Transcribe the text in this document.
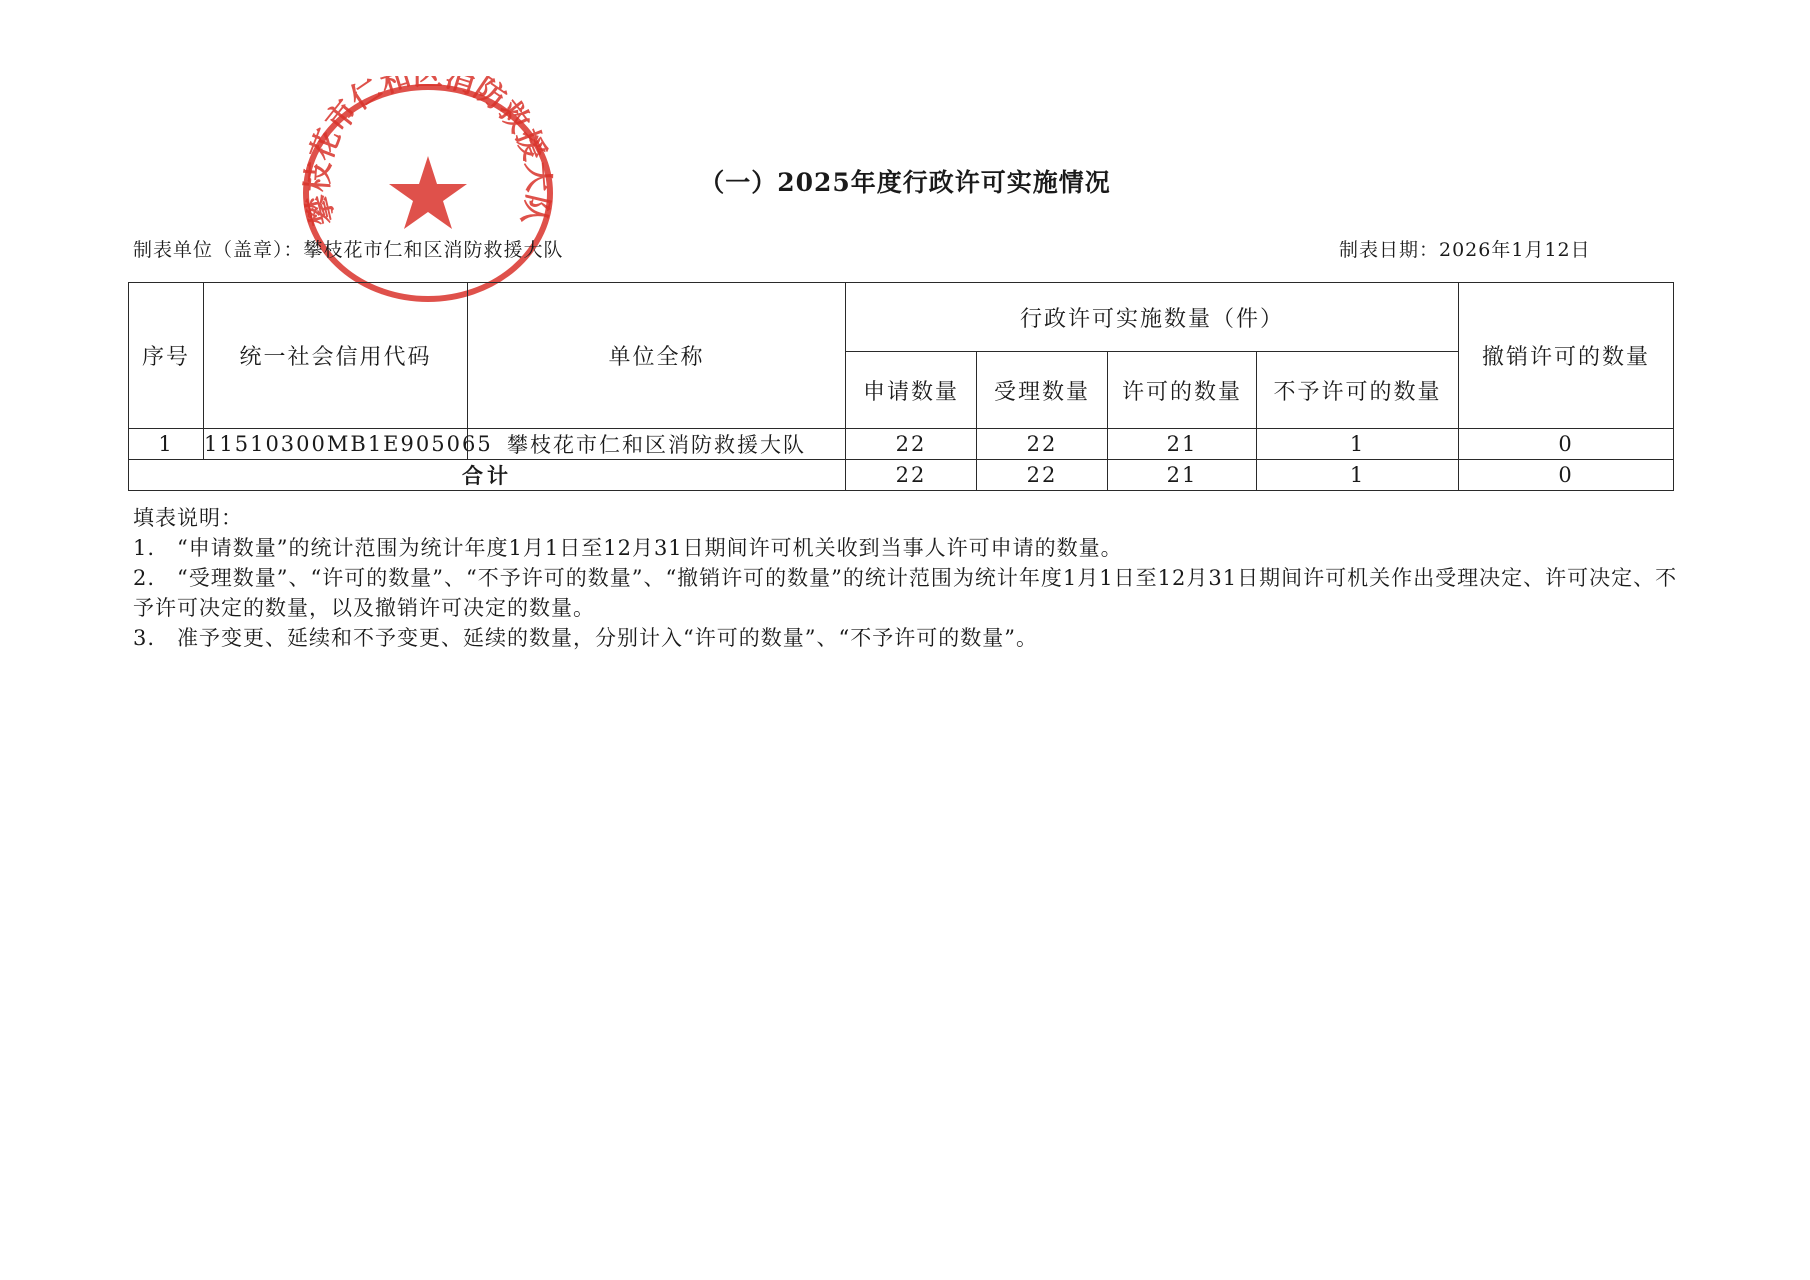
攀枝花市仁和 消防救援大队
（一）2025年度行政许可实施情况
制表单位（盖章）：攀枝花市仁和区消防救援大队	制表日期：2026年1月12日
序号	统一社会信用代码	单位全称	行政许可实施数量（件）				撤销许可的数量
			申请数量	受理数量	许可的数量	不予许可的数量	
1	11510300MB1E905065	攀枝花市仁和区消防救援大队	22	22	21	1	0
合计			22	22	21	1	0

填表说明：

1.　“申请数量”的统计范围为统计年度1月1日至12月31日期间许可机关收到当事人许可申请的数量。

2.　“受理数量”、“许可的数量”、“不予许可的数量”、“撤销许可的数量”的统计范围为统计年度1月1日至12月31日期间许可机关作出受理决定、许可决定、不予许可决定的数量，以及撤销许可决定的数量。

3.　准予变更、延续和不予变更、延续的数量，分别计入“许可的数量”、“不予许可的数量”。
